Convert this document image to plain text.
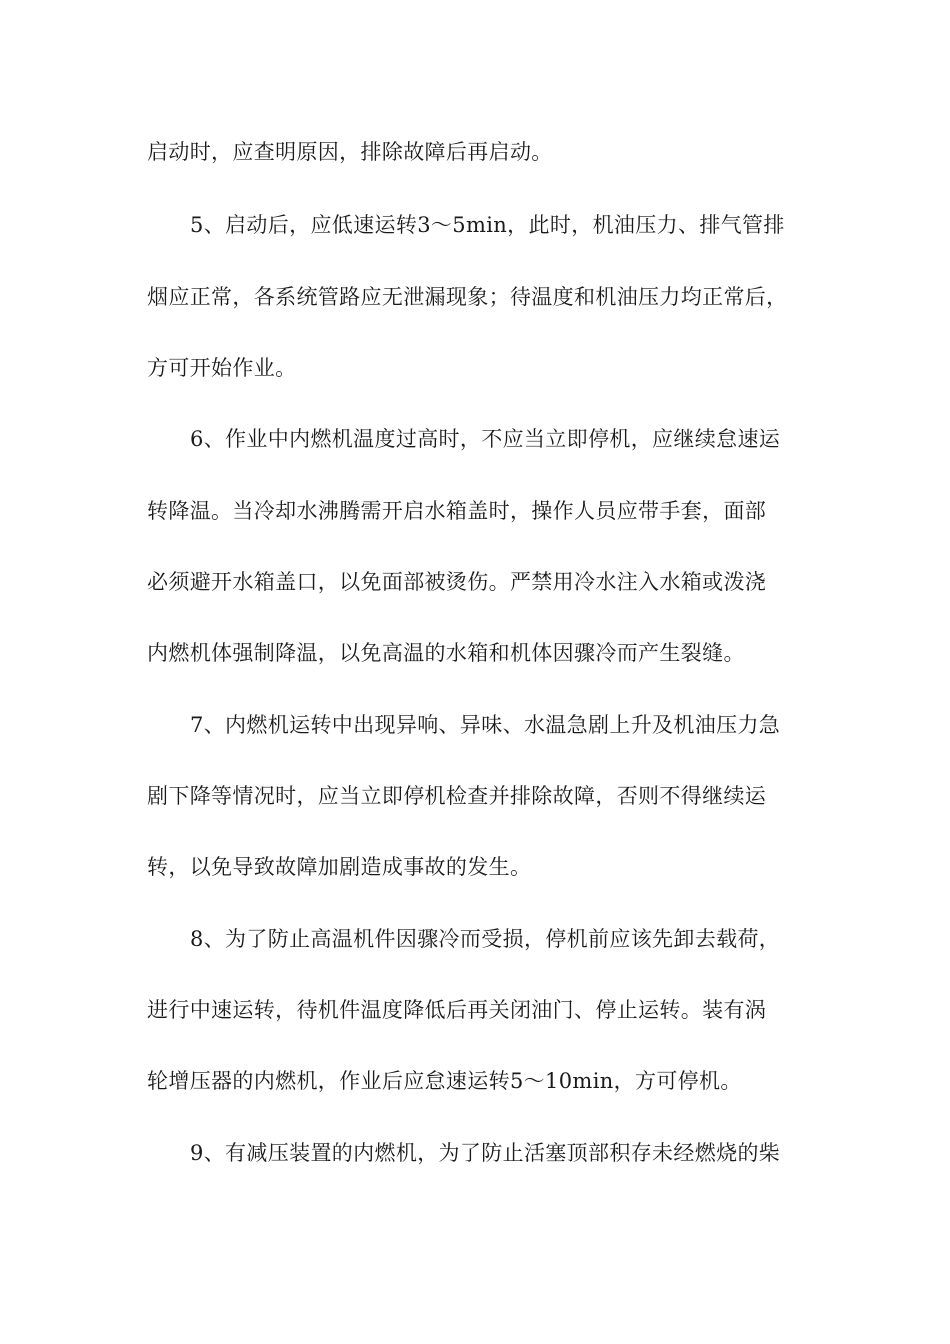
启动时，应查明原因，排除故障后再启动。
5、启动后，应低速运转3～5min，此时，机油压力、排气管排
烟应正常，各系统管路应无泄漏现象；待温度和机油压力均正常后，
方可开始作业。
6、作业中内燃机温度过高时，不应当立即停机，应继续怠速运
转降温。当冷却水沸腾需开启水箱盖时，操作人员应带手套，面部
必须避开水箱盖口，以免面部被烫伤。严禁用冷水注入水箱或泼浇
内燃机体强制降温，以免高温的水箱和机体因骤冷而产生裂缝。
7、内燃机运转中出现异响、异味、水温急剧上升及机油压力急
剧下降等情况时，应当立即停机检查并排除故障，否则不得继续运
转，以免导致故障加剧造成事故的发生。
8、为了防止高温机件因骤冷而受损，停机前应该先卸去载荷，
进行中速运转，待机件温度降低后再关闭油门、停止运转。装有涡
轮增压器的内燃机，作业后应怠速运转5～10min，方可停机。
9、有减压装置的内燃机，为了防止活塞顶部积存未经燃烧的柴
